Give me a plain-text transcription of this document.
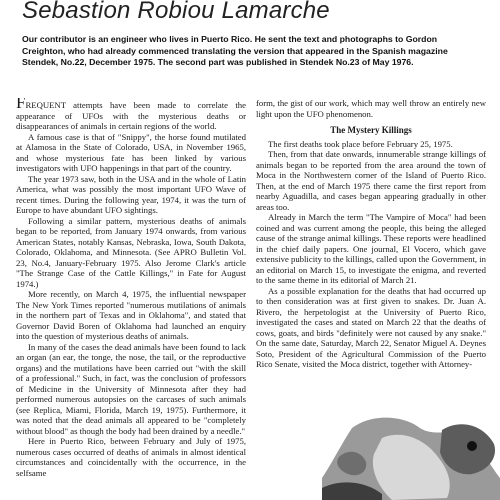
Sebastion Robiou Lamarche
Our contributor is an engineer who lives in Puerto Rico. He sent the text and photographs to Gordon Creighton, who had already commenced translating the version that appeared in the Spanish magazine Stendek, No.22, December 1975. The second part was published in Stendek No.23 of May 1976.

FREQUENT attempts have been made to correlate the appearance of UFOs with the mysterious deaths or disappearances of animals in certain regions of the world.

A famous case is that of "Snippy", the horse found mutilated at Alamosa in the State of Colorado, USA, in November 1965, and whose mysterious fate has been linked by various investigators with UFO happenings in that part of the country.

The year 1973 saw, both in the USA and in the whole of Latin America, what was possibly the most important UFO Wave of recent times. During the following year, 1974, it was the turn of Europe to have abundant UFO sightings.

Following a similar pattern, mysterious deaths of animals began to be reported, from January 1974 onwards, from various American States, notably Kansas, Nebraska, Iowa, South Dakota, Colorado, Oklahoma, and Minnesota. (See APRO Bulletin Vol. 23, No.4, January-February 1975. Also Jerome Clark's article "The Strange Case of the Cattle Killings," in Fate for August 1974.)

More recently, on March 4, 1975, the influential newspaper The New York Times reported "numerous mutilations of animals in the northern part of Texas and in Oklahoma", and stated that Governor David Boren of Oklahoma had launched an enquiry into the question of mysterious deaths of animals.

In many of the cases the dead animals have been found to lack an organ (an ear, the tonge, the nose, the tail, or the reproductive organs) and the mutilations have been carried out "with the skill of a professional." Such, in fact, was the conclusion of professors of Medicine in the University of Minnesota after they had performed numerous autopsies on the carcases of such animals (see Replica, Miami, Florida, March 19, 1975). Furthermore, it was noted that the dead animals all appeared to be "completely without blood" as though the body had been drained by a needle."

Here in Puerto Rico, between February and July of 1975, numerous cases occurred of deaths of animals in almost identical circumstances and coincidentally with the occurrence, in the selfsame

form, the gist of our work, which may well throw an entirely new light upon the UFO phenomenon.

The Mystery Killings

The first deaths took place before February 25, 1975.

Then, from that date onwards, innumerable strange killings of animals began to be reported from the area around the town of Moca in the Northwestern corner of the Island of Puerto Rico. Then, at the end of March 1975 there came the first report from nearby Aguadilla, and cases began appearing gradually in other areas too.

Already in March the term "The Vampire of Moca" had been coined and was current among the people, this being the alleged cause of the strange animal killings. These reports were headlined in the chief daily papers. One journal, El Vocero, which gave extensive publicity to the killings, called upon the Government, in an editorial on March 15, to investigate the enigma, and reverted to the same theme in its editorial of March 21.

As a possible explanation for the deaths that had occurred up to then consideration was at first given to snakes. Dr. Juan A. Rivero, the herpetologist at the University of Puerto Rico, investigated the cases and stated on March 22 that the deaths of cows, goats, and birds "definitely were not caused by any snake." On the same date, Saturday, March 22, Senator Miguel A. Deynes Soto, President of the Agricultural Commission of the Puerto Rico Senate, visited the Moca district, together with Attorney-
